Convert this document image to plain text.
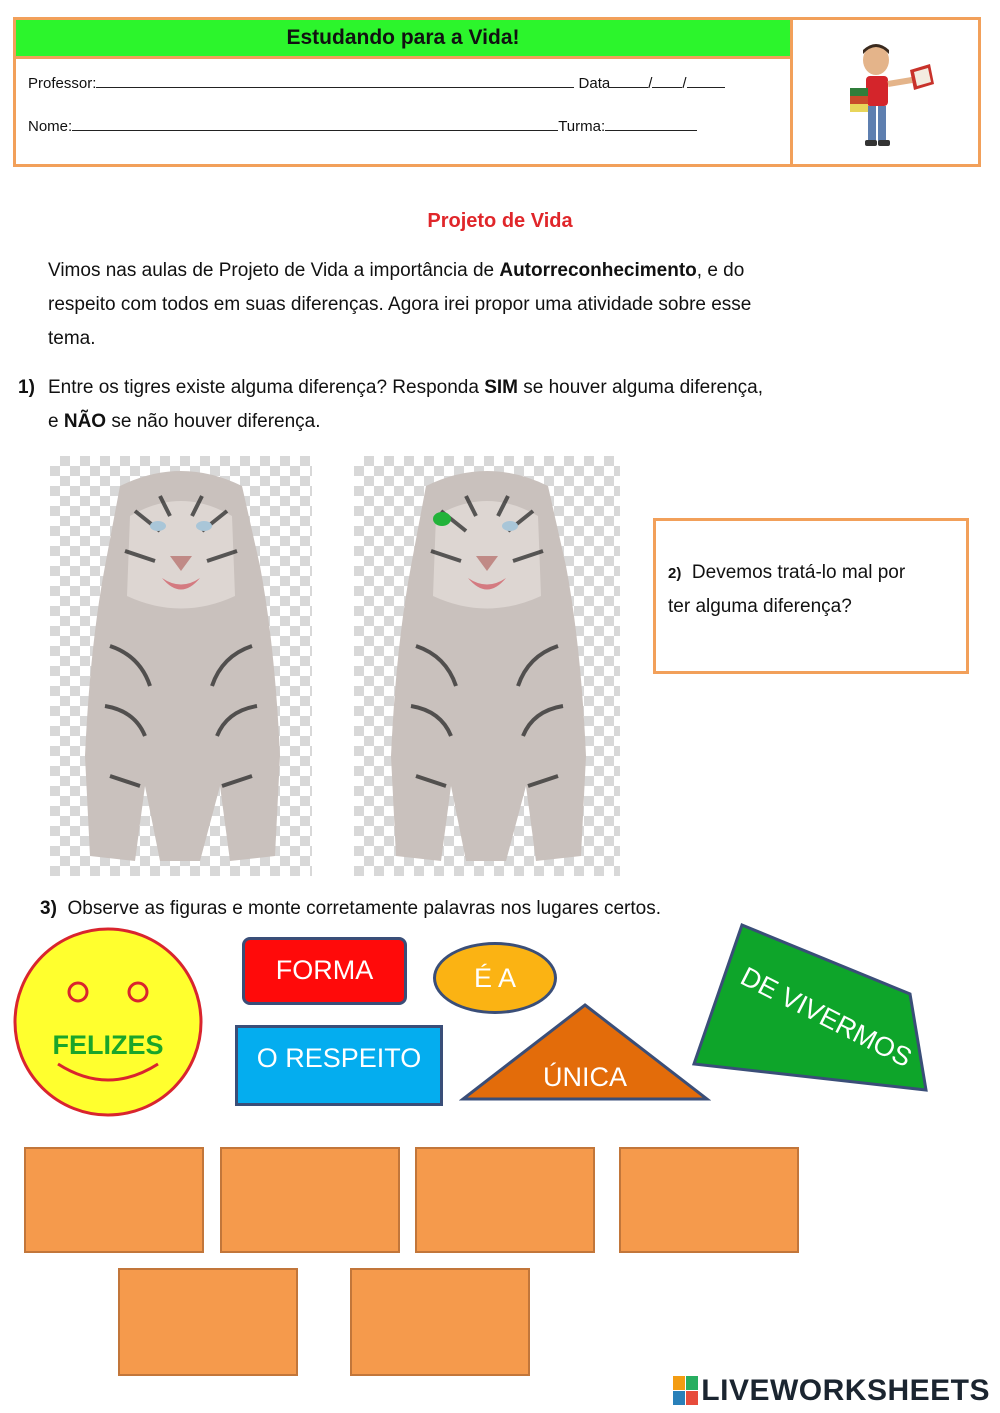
Estudando para a Vida!
Professor:	Data	/ /
Nome:	Turma:
Projeto de Vida
Vimos nas aulas de Projeto de Vida a importância de Autorreconhecimento, e do
respeito com todos em suas diferenças. Agora irei propor uma atividade sobre esse
tema.
1) Entre os tigres existe alguma diferença? Responda SIM se houver alguma diferença,
e NÃO se não houver diferença.
2) Devemos tratá-lo mal por
ter alguma diferença?
3) Observe as figuras e monte corretamente palavras nos lugares certos.
FELIZES
FORMA	É A
O RESPEITO
ÚNICA
DE VIVERMOS
LIVEWORKSHEETS
